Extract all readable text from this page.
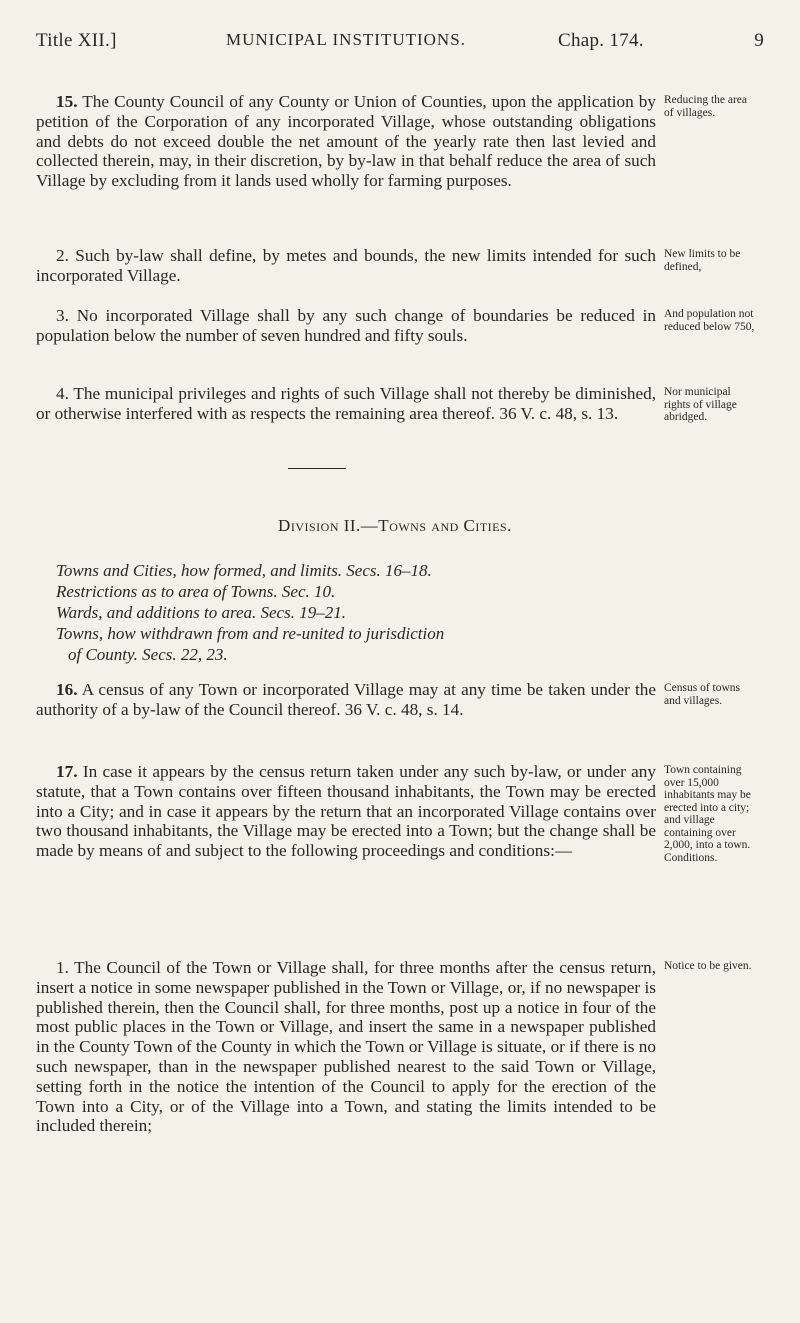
Title XII.]	MUNICIPAL INSTITUTIONS.	Chap. 174.	9

15. The County Council of any County or Union of Counties, upon the application by petition of the Corporation of any incorporated Village, whose outstanding obligations and debts do not exceed double the net amount of the yearly rate then last levied and collected therein, may, in their discretion, by by-law in that behalf reduce the area of such Village by excluding from it lands used wholly for farming purposes.

Reducing the area of villages.

2. Such by-law shall define, by metes and bounds, the new limits intended for such incorporated Village.

New limits to be defined,

3. No incorporated Village shall by any such change of boundaries be reduced in population below the number of seven hundred and fifty souls.

And population not reduced below 750,

4. The municipal privileges and rights of such Village shall not thereby be diminished, or otherwise interfered with as respects the remaining area thereof. 36 V. c. 48, s. 13.

Nor municipal rights of village abridged.
Division II.—Towns and Cities.
Towns and Cities, how formed, and limits. Secs. 16–18.
Restrictions as to area of Towns. Sec. 10.
Wards, and additions to area. Secs. 19–21.
Towns, how withdrawn from and re-united to jurisdiction
of County. Secs. 22, 23.

16. A census of any Town or incorporated Village may at any time be taken under the authority of a by-law of the Council thereof. 36 V. c. 48, s. 14.

Census of towns and villages.

17. In case it appears by the census return taken under any such by-law, or under any statute, that a Town contains over fifteen thousand inhabitants, the Town may be erected into a City; and in case it appears by the return that an incorporated Village contains over two thousand inhabitants, the Village may be erected into a Town; but the change shall be made by means of and subject to the following proceedings and conditions:—

Town containing over 15,000 inhabitants may be erected into a city; and village containing over 2,000, into a town. Conditions.

1. The Council of the Town or Village shall, for three months after the census return, insert a notice in some newspaper published in the Town or Village, or, if no newspaper is published therein, then the Council shall, for three months, post up a notice in four of the most public places in the Town or Village, and insert the same in a newspaper published in the County Town of the County in which the Town or Village is situate, or if there is no such newspaper, than in the newspaper published nearest to the said Town or Village, setting forth in the notice the intention of the Council to apply for the erection of the Town into a City, or of the Village into a Town, and stating the limits intended to be included therein;

Notice to be given.
